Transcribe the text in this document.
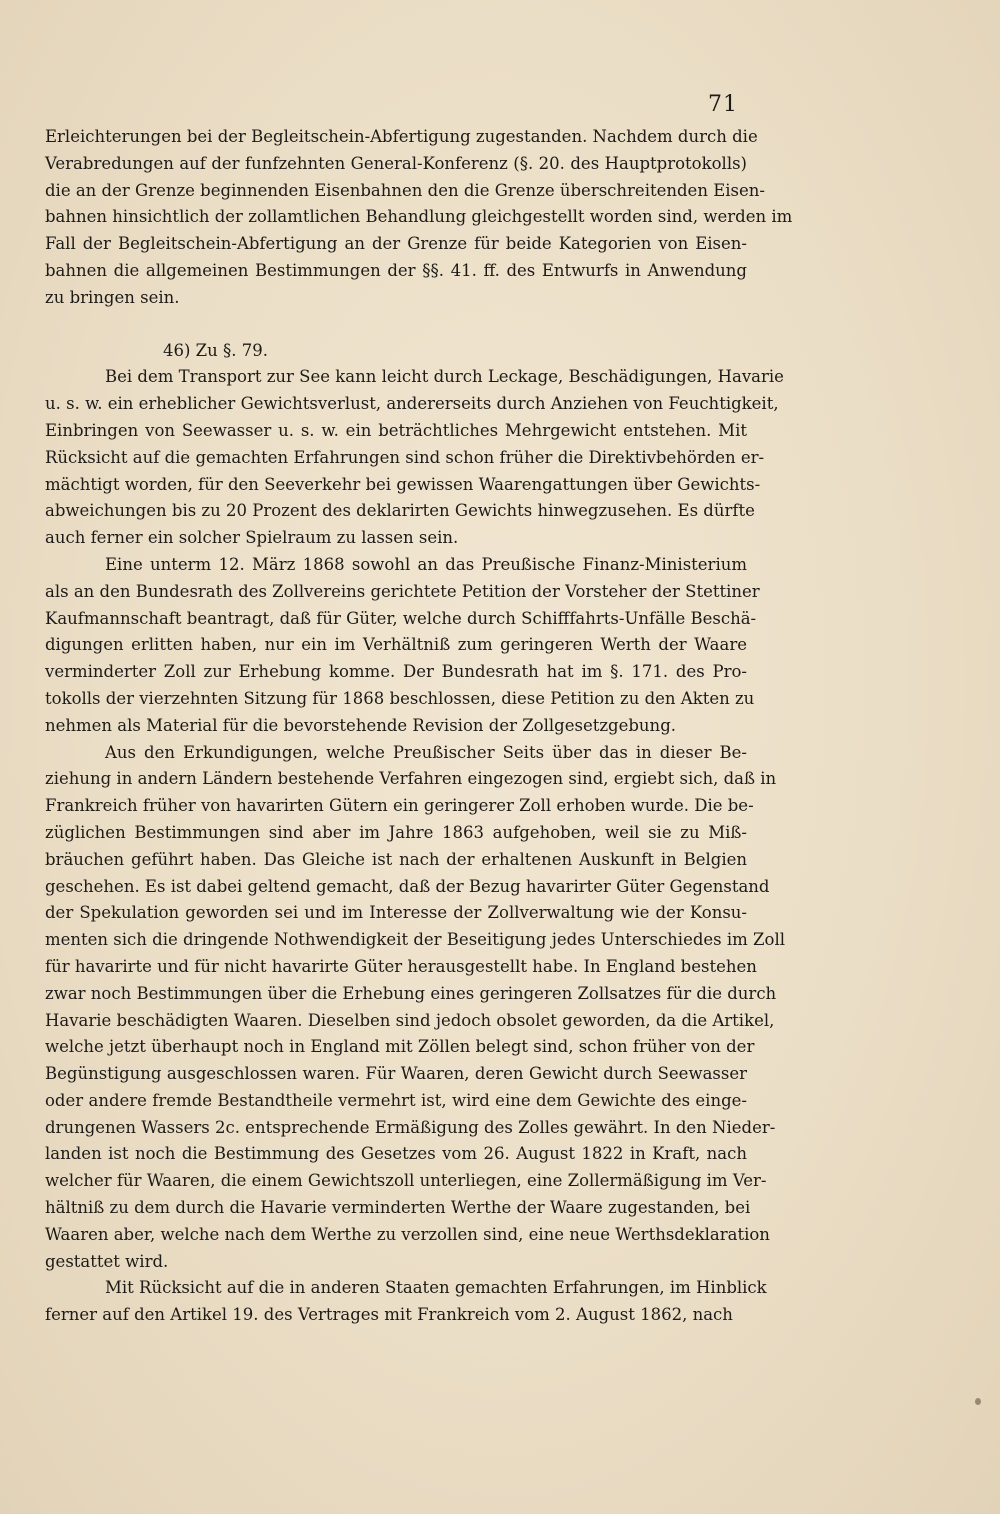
71
Erleichterungen bei der Begleitschein-Abfertigung zugestanden. Nachdem durch die
Verabredungen auf der funfzehnten General-Konferenz (§. 20. des Hauptprotokolls)
die an der Grenze beginnenden Eisenbahnen den die Grenze überschreitenden Eisen-
bahnen hinsichtlich der zollamtlichen Behandlung gleichgestellt worden sind, werden im
Fall der Begleitschein-Abfertigung an der Grenze für beide Kategorien von Eisen-
bahnen die allgemeinen Bestimmungen der §§. 41. ff. des Entwurfs in Anwendung
zu bringen sein.
46) Zu §. 79.
Bei dem Transport zur See kann leicht durch Leckage, Beschädigungen, Havarie
u. s. w. ein erheblicher Gewichtsverlust, andererseits durch Anziehen von Feuchtigkeit,
Einbringen von Seewasser u. s. w. ein beträchtliches Mehrgewicht entstehen. Mit
Rücksicht auf die gemachten Erfahrungen sind schon früher die Direktivbehörden er-
mächtigt worden, für den Seeverkehr bei gewissen Waarengattungen über Gewichts-
abweichungen bis zu 20 Prozent des deklarirten Gewichts hinwegzusehen. Es dürfte
auch ferner ein solcher Spielraum zu lassen sein.
Eine unterm 12. März 1868 sowohl an das Preußische Finanz-Ministerium
als an den Bundesrath des Zollvereins gerichtete Petition der Vorsteher der Stettiner
Kaufmannschaft beantragt, daß für Güter, welche durch Schifffahrts-Unfälle Beschä-
digungen erlitten haben, nur ein im Verhältniß zum geringeren Werth der Waare
verminderter Zoll zur Erhebung komme. Der Bundesrath hat im §. 171. des Pro-
tokolls der vierzehnten Sitzung für 1868 beschlossen, diese Petition zu den Akten zu
nehmen als Material für die bevorstehende Revision der Zollgesetzgebung.
Aus den Erkundigungen, welche Preußischer Seits über das in dieser Be-
ziehung in andern Ländern bestehende Verfahren eingezogen sind, ergiebt sich, daß in
Frankreich früher von havarirten Gütern ein geringerer Zoll erhoben wurde. Die be-
züglichen Bestimmungen sind aber im Jahre 1863 aufgehoben, weil sie zu Miß-
bräuchen geführt haben. Das Gleiche ist nach der erhaltenen Auskunft in Belgien
geschehen. Es ist dabei geltend gemacht, daß der Bezug havarirter Güter Gegenstand
der Spekulation geworden sei und im Interesse der Zollverwaltung wie der Konsu-
menten sich die dringende Nothwendigkeit der Beseitigung jedes Unterschiedes im Zoll
für havarirte und für nicht havarirte Güter herausgestellt habe. In England bestehen
zwar noch Bestimmungen über die Erhebung eines geringeren Zollsatzes für die durch
Havarie beschädigten Waaren. Dieselben sind jedoch obsolet geworden, da die Artikel,
welche jetzt überhaupt noch in England mit Zöllen belegt sind, schon früher von der
Begünstigung ausgeschlossen waren. Für Waaren, deren Gewicht durch Seewasser
oder andere fremde Bestandtheile vermehrt ist, wird eine dem Gewichte des einge-
drungenen Wassers 2c. entsprechende Ermäßigung des Zolles gewährt. In den Nieder-
landen ist noch die Bestimmung des Gesetzes vom 26. August 1822 in Kraft, nach
welcher für Waaren, die einem Gewichtszoll unterliegen, eine Zollermäßigung im Ver-
hältniß zu dem durch die Havarie verminderten Werthe der Waare zugestanden, bei
Waaren aber, welche nach dem Werthe zu verzollen sind, eine neue Werthsdeklaration
gestattet wird.
Mit Rücksicht auf die in anderen Staaten gemachten Erfahrungen, im Hinblick
ferner auf den Artikel 19. des Vertrages mit Frankreich vom 2. August 1862, nach
